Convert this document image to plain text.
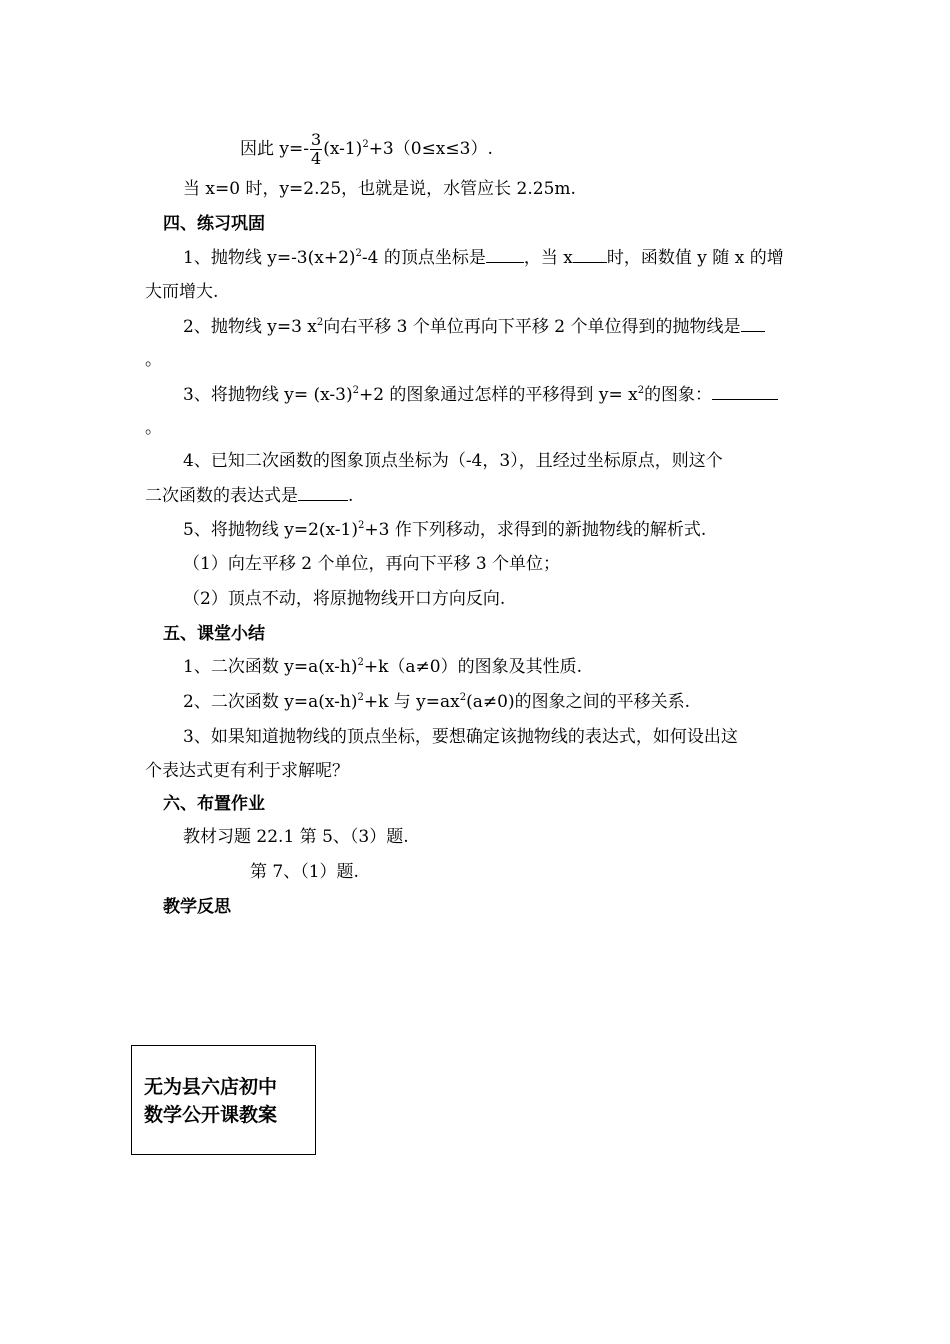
因此 $y=- \frac{3}{4} (x-1)^2+3(0\le x\le 3)$.
当 x=0 时，y=2.25，也就是说，水管应长 2.25m.
四、练习巩固
1、抛物线 $y=-3(x+2)^2-4$ 的顶点坐标是 ，当 x 时，函数值 y 随 x 的增
大而增大.
2、抛物线 y=3 $x^2$向右平移 3 个单位再向下平移 2 个单位得到的抛物线是
。
3、将抛物线 $y= (x-3)^2+2$ 的图象通过怎样的平移得到 $y= x^2$的图象：
。
4、已知二次函数的图象顶点坐标为（-4，3），且经过坐标原点，则这个
二次函数的表达式是	.
5、将抛物线 $y=2(x-1)^2+3$ 作下列移动，求得到的新抛物线的解析式.
（1）向左平移 2 个单位，再向下平移 3 个单位；
（2）顶点不动，将原抛物线开口方向反向.
五、课堂小结
1、二次函数 $y=a(x-h)^2+k(a\ne 0)$的图象及其性质.
2、二次函数 $y=a(x-h)^2+k$ 与 $y=ax^2(a\ne 0)$的图象之间的平移关系.
3、如果知道抛物线的顶点坐标，要想确定该抛物线的表达式，如何设出这
个表达式更有利于求解呢？
六、布置作业
教材习题 22.1 第 5、（3）题.
第 7、（1）题.
教学反思
无为县六店初中
数学公开课教案
